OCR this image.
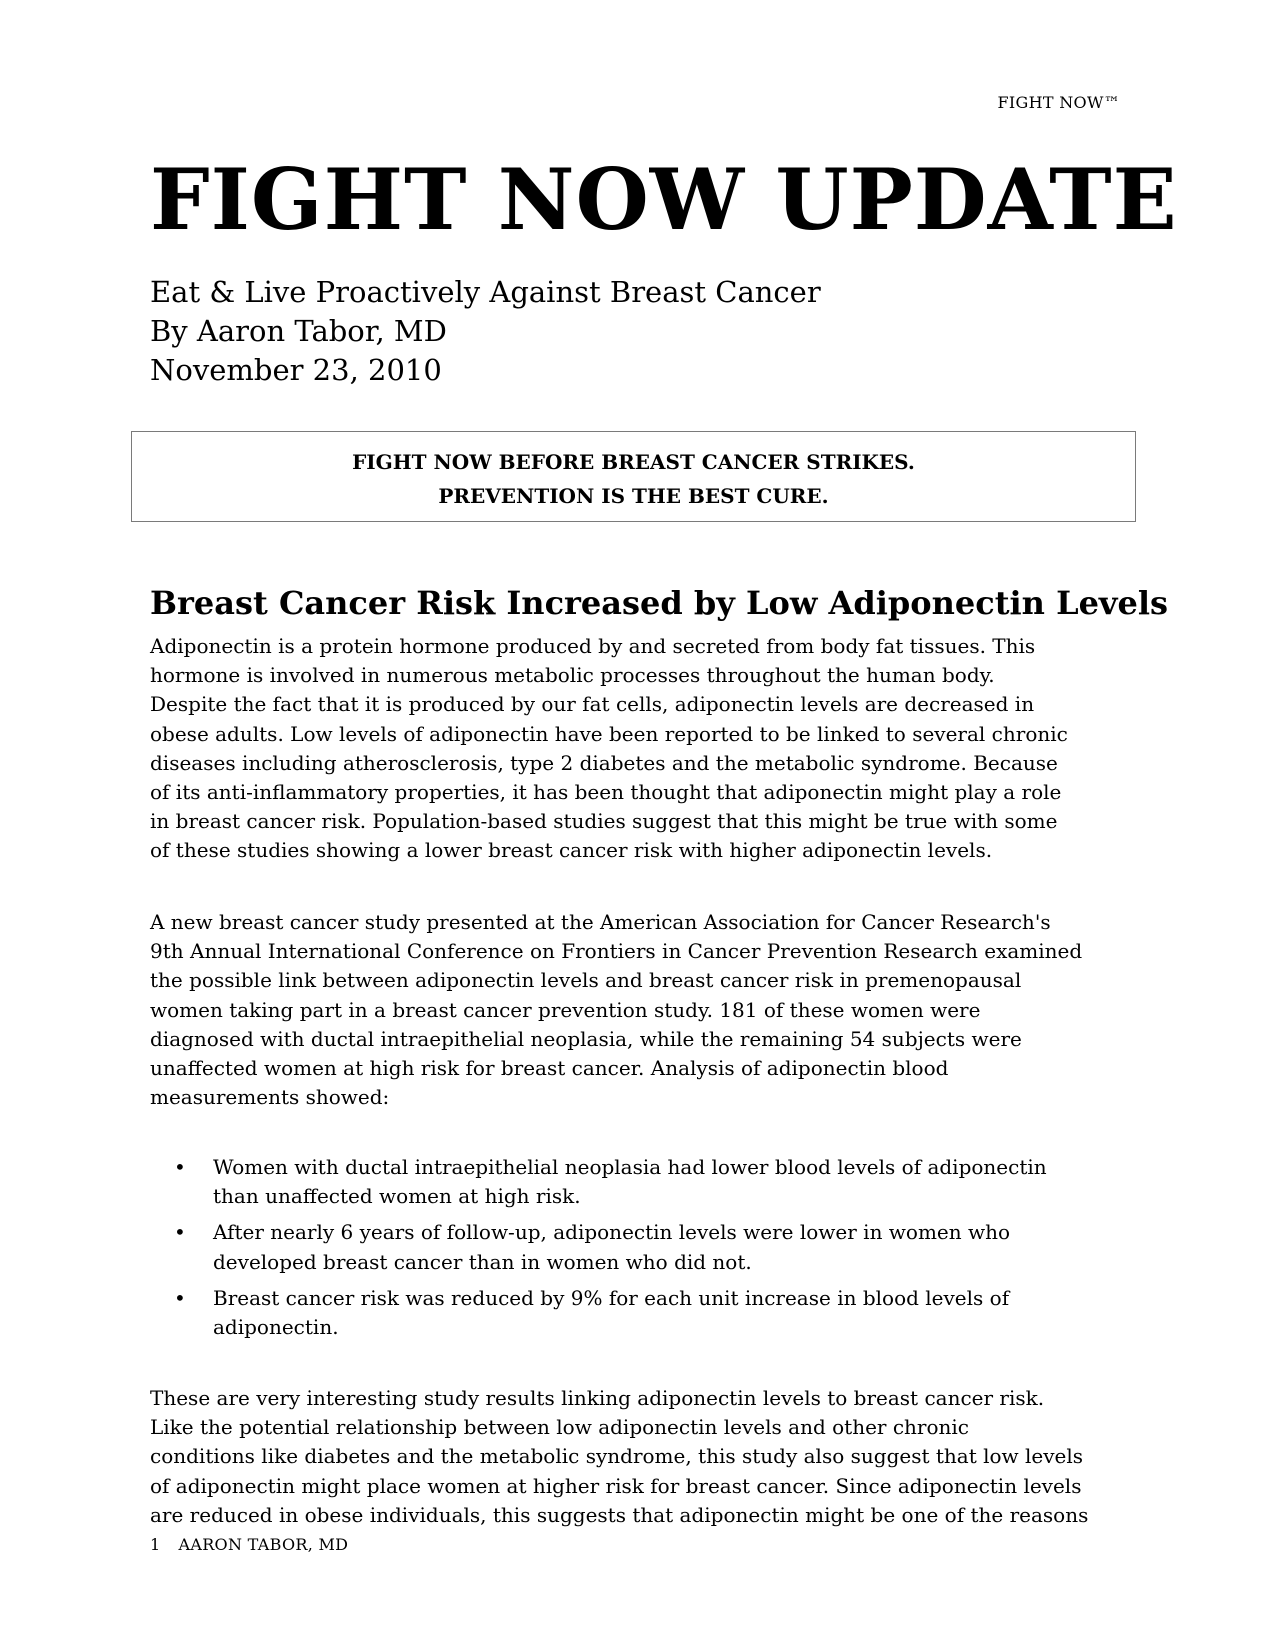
FIGHT NOW™
FIGHT NOW UPDATE
Eat & Live Proactively Against Breast Cancer
By Aaron Tabor, MD
November 23, 2010
FIGHT NOW BEFORE BREAST CANCER STRIKES.
PREVENTION IS THE BEST CURE.
Breast Cancer Risk Increased by Low Adiponectin Levels
Adiponectin is a protein hormone produced by and secreted from body fat tissues. This
hormone is involved in numerous metabolic processes throughout the human body.
Despite the fact that it is produced by our fat cells, adiponectin levels are decreased in
obese adults. Low levels of adiponectin have been reported to be linked to several chronic
diseases including atherosclerosis, type 2 diabetes and the metabolic syndrome. Because
of its anti-inflammatory properties, it has been thought that adiponectin might play a role
in breast cancer risk. Population-based studies suggest that this might be true with some
of these studies showing a lower breast cancer risk with higher adiponectin levels.
A new breast cancer study presented at the American Association for Cancer Research's
9th Annual International Conference on Frontiers in Cancer Prevention Research examined
the possible link between adiponectin levels and breast cancer risk in premenopausal
women taking part in a breast cancer prevention study. 181 of these women were
diagnosed with ductal intraepithelial neoplasia, while the remaining 54 subjects were
unaffected women at high risk for breast cancer. Analysis of adiponectin blood
measurements showed:
• Women with ductal intraepithelial neoplasia had lower blood levels of adiponectin
than unaffected women at high risk.
• After nearly 6 years of follow-up, adiponectin levels were lower in women who
developed breast cancer than in women who did not.
• Breast cancer risk was reduced by 9% for each unit increase in blood levels of
adiponectin.
These are very interesting study results linking adiponectin levels to breast cancer risk.
Like the potential relationship between low adiponectin levels and other chronic
conditions like diabetes and the metabolic syndrome, this study also suggest that low levels
of adiponectin might place women at higher risk for breast cancer. Since adiponectin levels
are reduced in obese individuals, this suggests that adiponectin might be one of the reasons
1 AARON TABOR, MD
